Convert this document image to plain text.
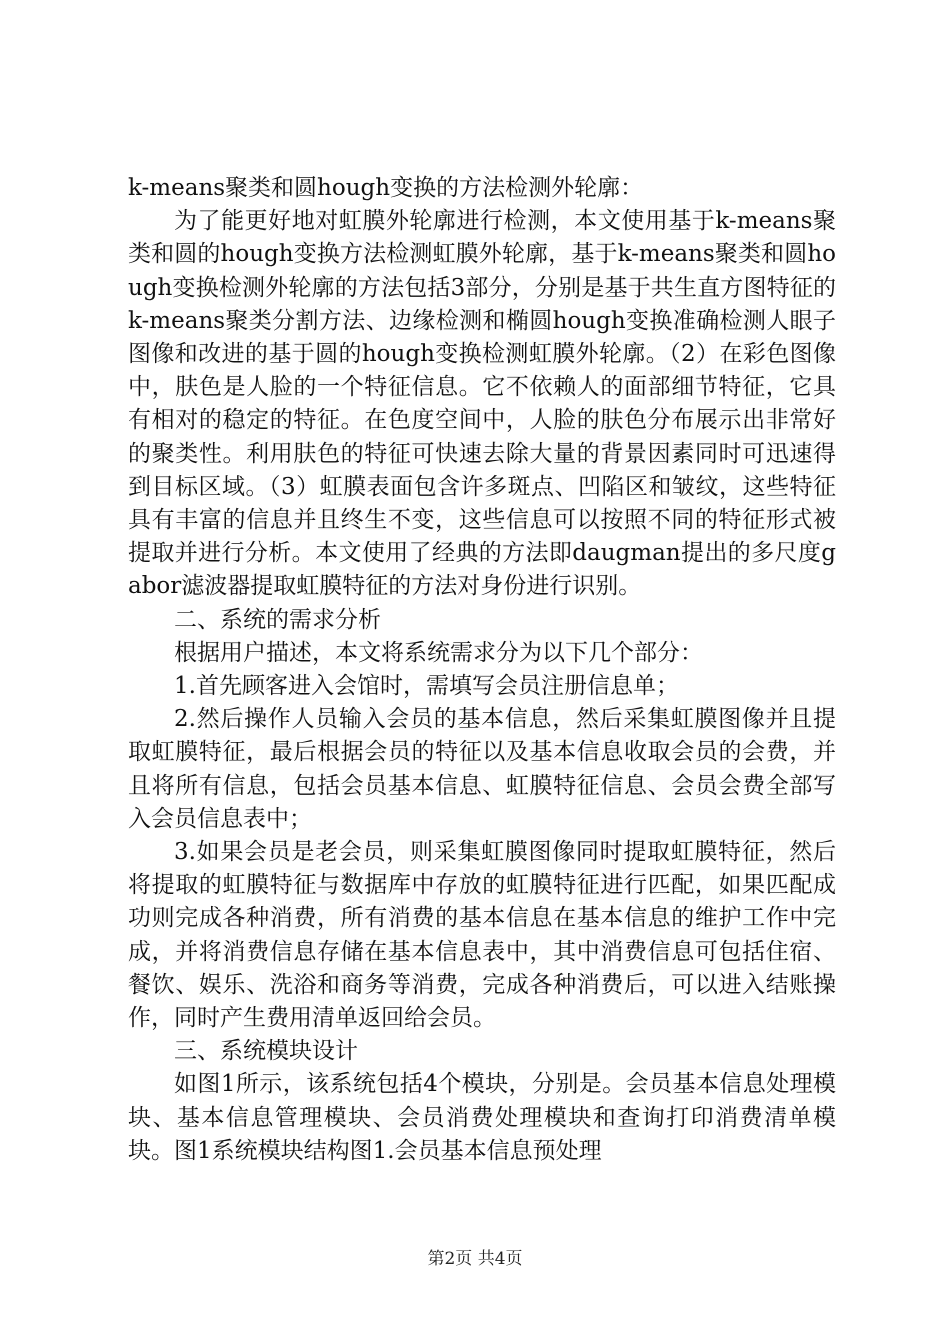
k-means聚类和圆hough变换的方法检测外轮廓：

为了能更好地对虹膜外轮廓进行检测，本文使用基于k-means聚类和圆的hough变换方法检测虹膜外轮廓，基于k-means聚类和圆hough变换检测外轮廓的方法包括3部分，分别是基于共生直方图特征的k-means聚类分割方法、边缘检测和椭圆hough变换准确检测人眼子图像和改进的基于圆的hough变换检测虹膜外轮廓。（2）在彩色图像中，肤色是人脸的一个特征信息。它不依赖人的面部细节特征，它具有相对的稳定的特征。在色度空间中，人脸的肤色分布展示出非常好的聚类性。利用肤色的特征可快速去除大量的背景因素同时可迅速得到目标区域。（3）虹膜表面包含许多斑点、凹陷区和皱纹，这些特征具有丰富的信息并且终生不变，这些信息可以按照不同的特征形式被提取并进行分析。本文使用了经典的方法即daugman提出的多尺度gabor滤波器提取虹膜特征的方法对身份进行识别。

二、系统的需求分析

根据用户描述，本文将系统需求分为以下几个部分：

1.首先顾客进入会馆时，需填写会员注册信息单；

2.然后操作人员输入会员的基本信息，然后采集虹膜图像并且提取虹膜特征，最后根据会员的特征以及基本信息收取会员的会费，并且将所有信息，包括会员基本信息、虹膜特征信息、会员会费全部写入会员信息表中；

3.如果会员是老会员，则采集虹膜图像同时提取虹膜特征，然后将提取的虹膜特征与数据库中存放的虹膜特征进行匹配，如果匹配成功则完成各种消费，所有消费的基本信息在基本信息的维护工作中完成，并将消费信息存储在基本信息表中，其中消费信息可包括住宿、餐饮、娱乐、洗浴和商务等消费，完成各种消费后，可以进入结账操作，同时产生费用清单返回给会员。

三、系统模块设计

如图1所示，该系统包括4个模块，分别是。会员基本信息处理模块、基本信息管理模块、会员消费处理模块和查询打印消费清单模块。图1系统模块结构图1.会员基本信息预处理

第2页 共4页
